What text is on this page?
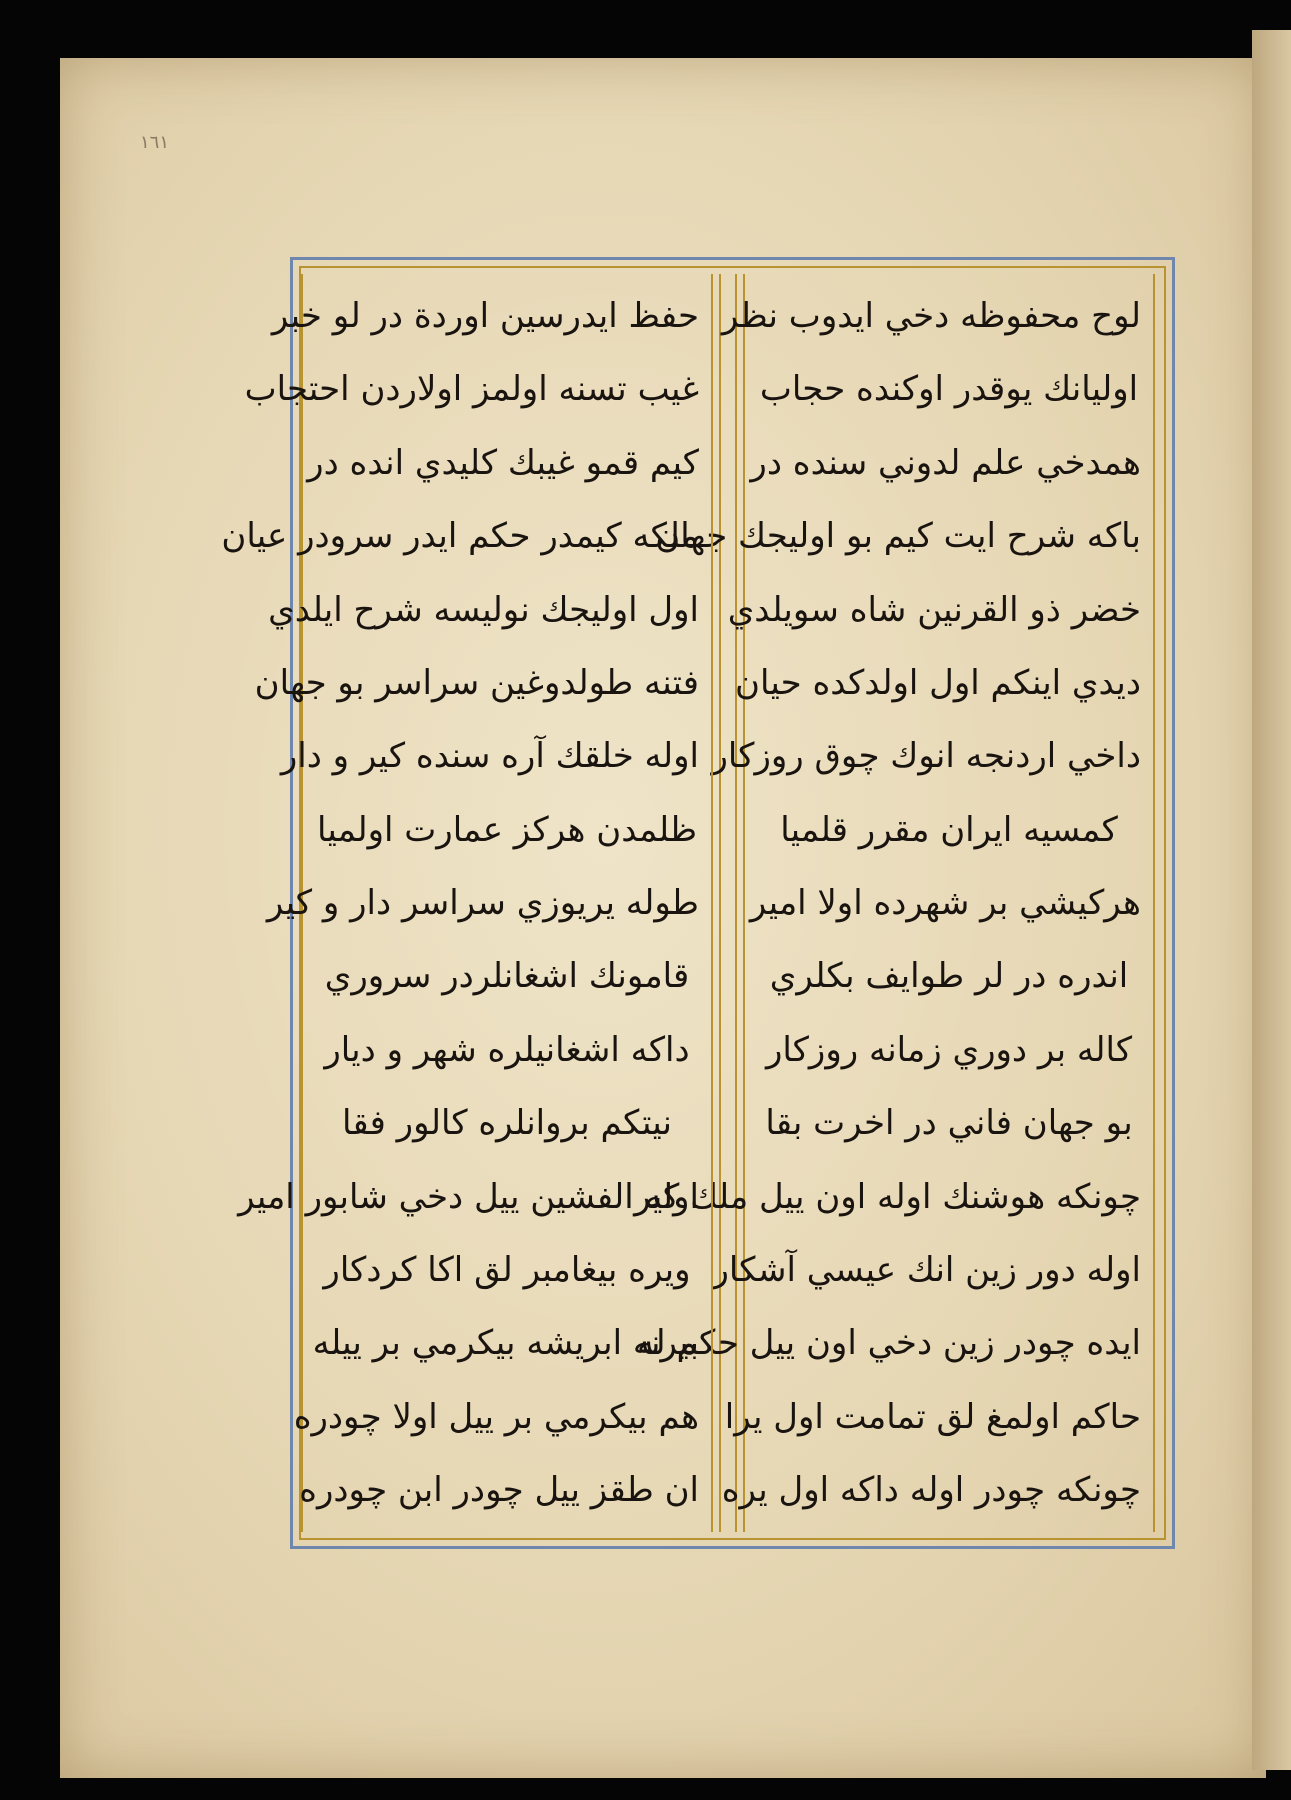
١٦١
لوح محفوظه دخي ايدوب نظر
اوليانك يوقدر اوكنده حجاب
همدخي علم لدوني سنده در
باكه شرح ايت كيم بو اوليجك جهان
خضر ذو القرنين شاه سويلدي
ديدي اينكم اول اولدكده حيان
داخي اردنجه انوك چوق روزكار
كمسيه ايران مقرر قلميا
هركيشي بر شهرده اولا امير
اندره در لر طوايف بكلري
كاله بر دوري زمانه روزكار
بو جهان فاني در اخرت بقا
چونكه هوشنك اوله اون ييل ملك كير
اوله دور زين انك عيسي آشكار
ايده چودر زين دخي اون ييل حكم له
حاكم اولمغ لق تمامت اول يرا
چونكه چودر اوله داكه اول يره
حفظ ايدرسين اوردة در لو خبر
غيب تسنه اولمز اولاردن احتجاب
كيم قمو غيبك كليدي انده در
ملكه كيمدر حكم ايدر سرودر عيان
اول اوليجك نوليسه شرح ايلدي
فتنه طولدوغين سراسر بو جهان
اوله خلقك آره سنده كير و دار
ظلمدن هركز عمارت اولميا
طوله يريوزي سراسر دار و كير
قامونك اشغانلردر سروري
داكه اشغانيلره شهر و ديار
نيتكم بروانلره كالور فقا
اوله الفشين ييل دخي شابور امير
ويره بيغامبر لق اكا كردكار
بيرنه ابريشه بيكرمي بر ييله
هم بيكرمي بر ييل اولا چودره
ان طقز ييل چودر ابن چودره
